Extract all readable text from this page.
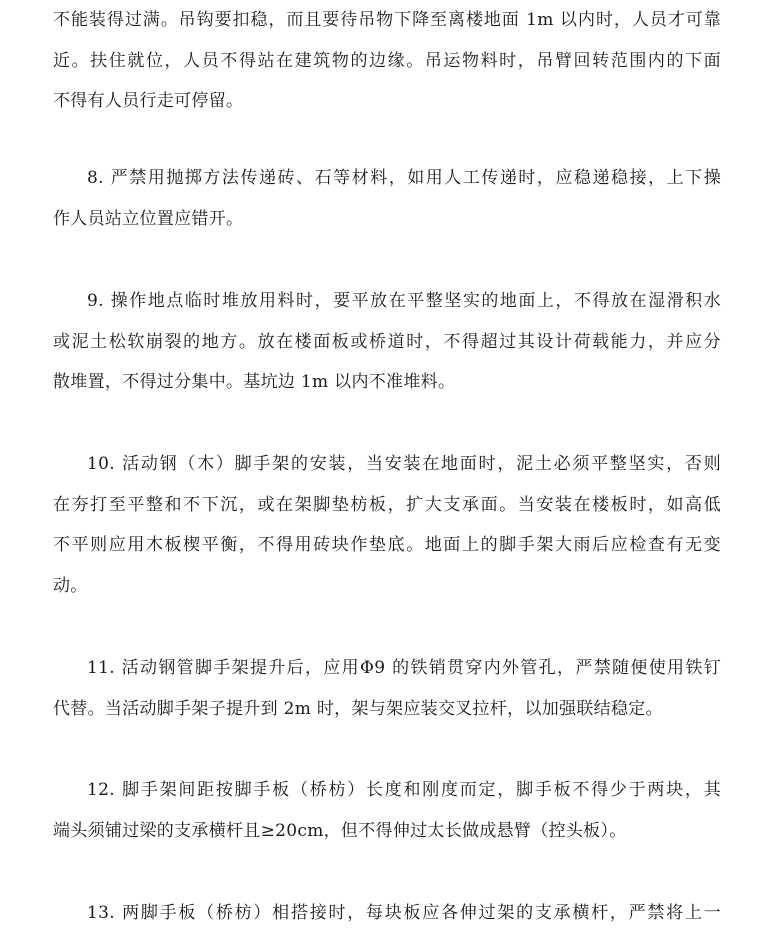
不能装得过满。吊钩要扣稳，而且要待吊物下降至离楼地面 1m 以内时，人员才可靠
近。扶住就位，人员不得站在建筑物的边缘。吊运物料时，吊臂回转范围内的下面
不得有人员行走可停留。

8. 严禁用抛掷方法传递砖、石等材料，如用人工传递时，应稳递稳接，上下操
作人员站立位置应错开。

9. 操作地点临时堆放用料时，要平放在平整坚实的地面上，不得放在湿滑积水
或泥土松软崩裂的地方。放在楼面板或桥道时，不得超过其设计荷载能力，并应分
散堆置，不得过分集中。基坑边 1m 以内不准堆料。

10. 活动钢（木）脚手架的安装，当安装在地面时，泥土必须平整坚实，否则
在夯打至平整和不下沉，或在架脚垫枋板，扩大支承面。当安装在楼板时，如高低
不平则应用木板楔平衡，不得用砖块作垫底。地面上的脚手架大雨后应检查有无变
动。

11. 活动钢管脚手架提升后，应用Φ9 的铁销贯穿内外管孔，严禁随便使用铁钉
代替。当活动脚手架子提升到 2m 时，架与架应装交叉拉杆，以加强联结稳定。

12. 脚手架间距按脚手板（桥枋）长度和刚度而定，脚手板不得少于两块，其
端头须铺过梁的支承横杆且≥20cm，但不得伸过太长做成悬臂（控头板）。

13. 两脚手板（桥枋）相搭接时，每块板应各伸过架的支承横杆，严禁将上一
